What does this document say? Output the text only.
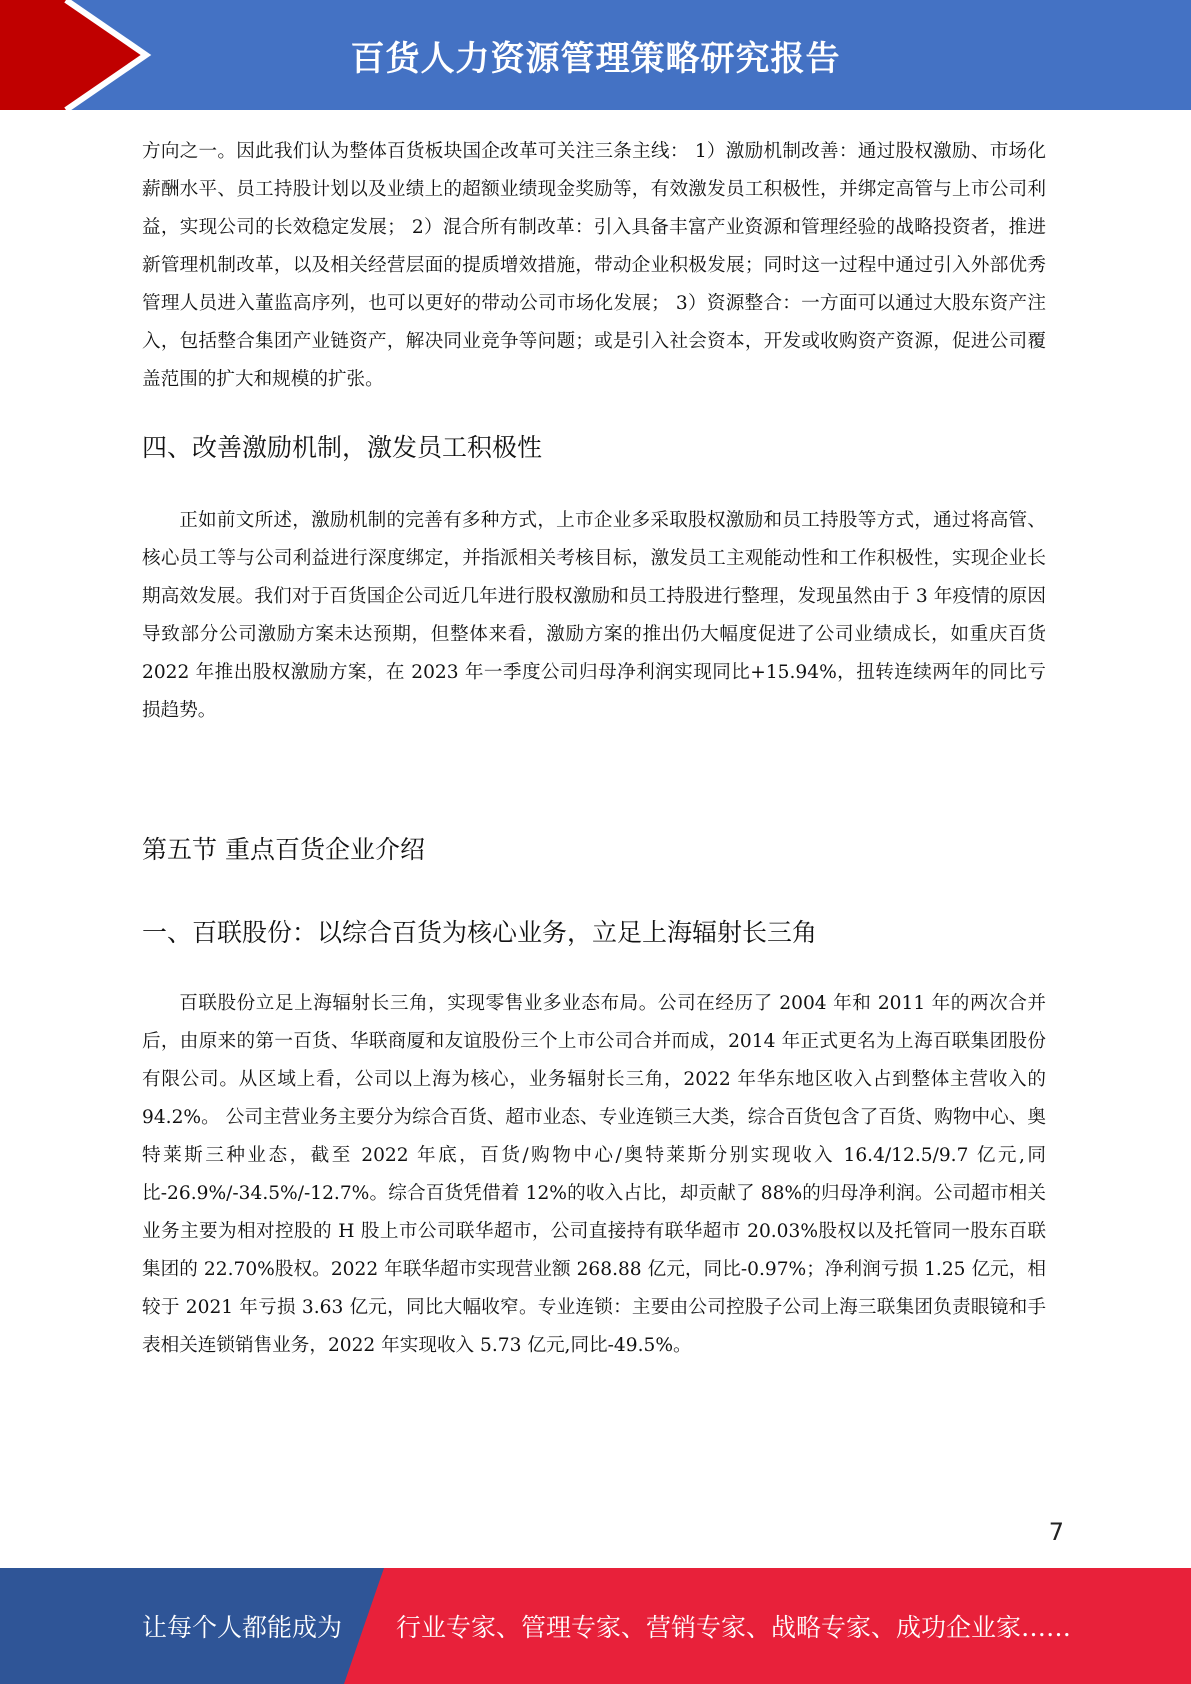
百货人力资源管理策略研究报告

方向之一。因此我们认为整体百货板块国企改革可关注三条主线： 1）激励机制改善：通过股权激励、市场化薪酬水平、员工持股计划以及业绩上的超额业绩现金奖励等，有效激发员工积极性，并绑定高管与上市公司利益，实现公司的长效稳定发展； 2）混合所有制改革：引入具备丰富产业资源和管理经验的战略投资者，推进新管理机制改革，以及相关经营层面的提质增效措施，带动企业积极发展；同时这一过程中通过引入外部优秀管理人员进入董监高序列，也可以更好的带动公司市场化发展； 3）资源整合：一方面可以通过大股东资产注入，包括整合集团产业链资产，解决同业竞争等问题；或是引入社会资本，开发或收购资产资源，促进公司覆盖范围的扩大和规模的扩张。

四、改善激励机制，激发员工积极性

正如前文所述，激励机制的完善有多种方式，上市企业多采取股权激励和员工持股等方式，通过将高管、核心员工等与公司利益进行深度绑定，并指派相关考核目标，激发员工主观能动性和工作积极性，实现企业长期高效发展。我们对于百货国企公司近几年进行股权激励和员工持股进行整理，发现虽然由于 3 年疫情的原因导致部分公司激励方案未达预期，但整体来看，激励方案的推出仍大幅度促进了公司业绩成长，如重庆百货 2022 年推出股权激励方案，在 2023 年一季度公司归母净利润实现同比+15.94%，扭转连续两年的同比亏损趋势。

第五节 重点百货企业介绍
一、百联股份：以综合百货为核心业务，立足上海辐射长三角

百联股份立足上海辐射长三角，实现零售业多业态布局。公司在经历了 2004 年和 2011 年的两次合并后，由原来的第一百货、华联商厦和友谊股份三个上市公司合并而成，2014 年正式更名为上海百联集团股份有限公司。从区域上看，公司以上海为核心，业务辐射长三角，2022 年华东地区收入占到整体主营收入的 94.2%。 公司主营业务主要分为综合百货、超市业态、专业连锁三大类，综合百货包含了百货、购物中心、奥特莱斯三种业态，截至 2022 年底，百货/购物中心/奥特莱斯分别实现收入 16.4/12.5/9.7 亿元,同比-26.9%/-34.5%/-12.7%。综合百货凭借着 12%的收入占比，却贡献了 88%的归母净利润。公司超市相关业务主要为相对控股的 H 股上市公司联华超市，公司直接持有联华超市 20.03%股权以及托管同一股东百联集团的 22.70%股权。2022 年联华超市实现营业额 268.88 亿元，同比-0.97%；净利润亏损 1.25 亿元，相较于 2021 年亏损 3.63 亿元，同比大幅收窄。专业连锁：主要由公司控股子公司上海三联集团负责眼镜和手表相关连锁销售业务，2022 年实现收入 5.73 亿元,同比-49.5%。

7
让每个人都能成为 行业专家、管理专家、营销专家、战略专家、成功企业家……
